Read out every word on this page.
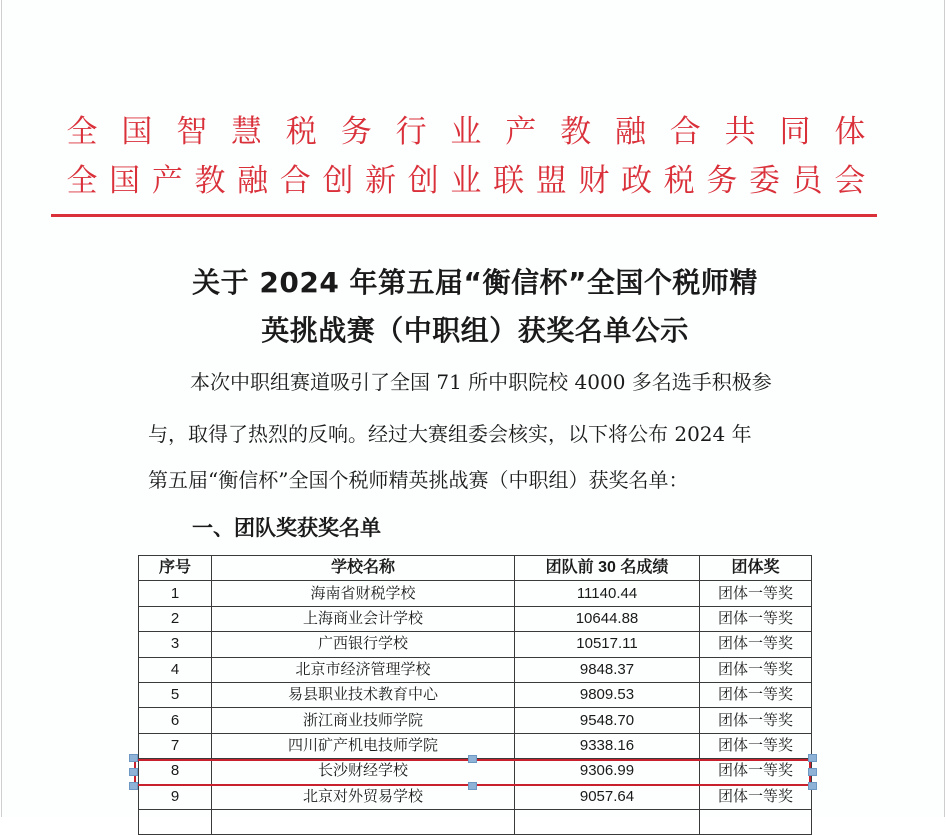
全 国 智 慧 税 务 行 业 产 教 融 合 共 同 体
全 国 产 教 融 合 创 新 创 业 联 盟 财 政 税 务 委 员 会
关于 2024 年第五届“衡信杯”全国个税师精
英挑战赛（中职组）获奖名单公示
本次中职组赛道吸引了全国 71 所中职院校 4000 多名选手积极参
与，取得了热烈的反响。经过大赛组委会核实，以下将公布 2024 年
第五届“衡信杯”全国个税师精英挑战赛（中职组）获奖名单：
一、团队奖获奖名单
序号	学校名称	团队前 30 名成绩	团体奖
1	海南省财税学校	11140.44	团体一等奖
2	上海商业会计学校	10644.88	团体一等奖
3	广西银行学校	10517.11	团体一等奖
4	北京市经济管理学校	9848.37	团体一等奖
5	易县职业技术教育中心	9809.53	团体一等奖
6	浙江商业技师学院	9548.70	团体一等奖
7	四川矿产机电技师学院	9338.16	团体一等奖
8	长沙财经学校	9306.99	团体一等奖
9	北京对外贸易学校	9057.64	团体一等奖
